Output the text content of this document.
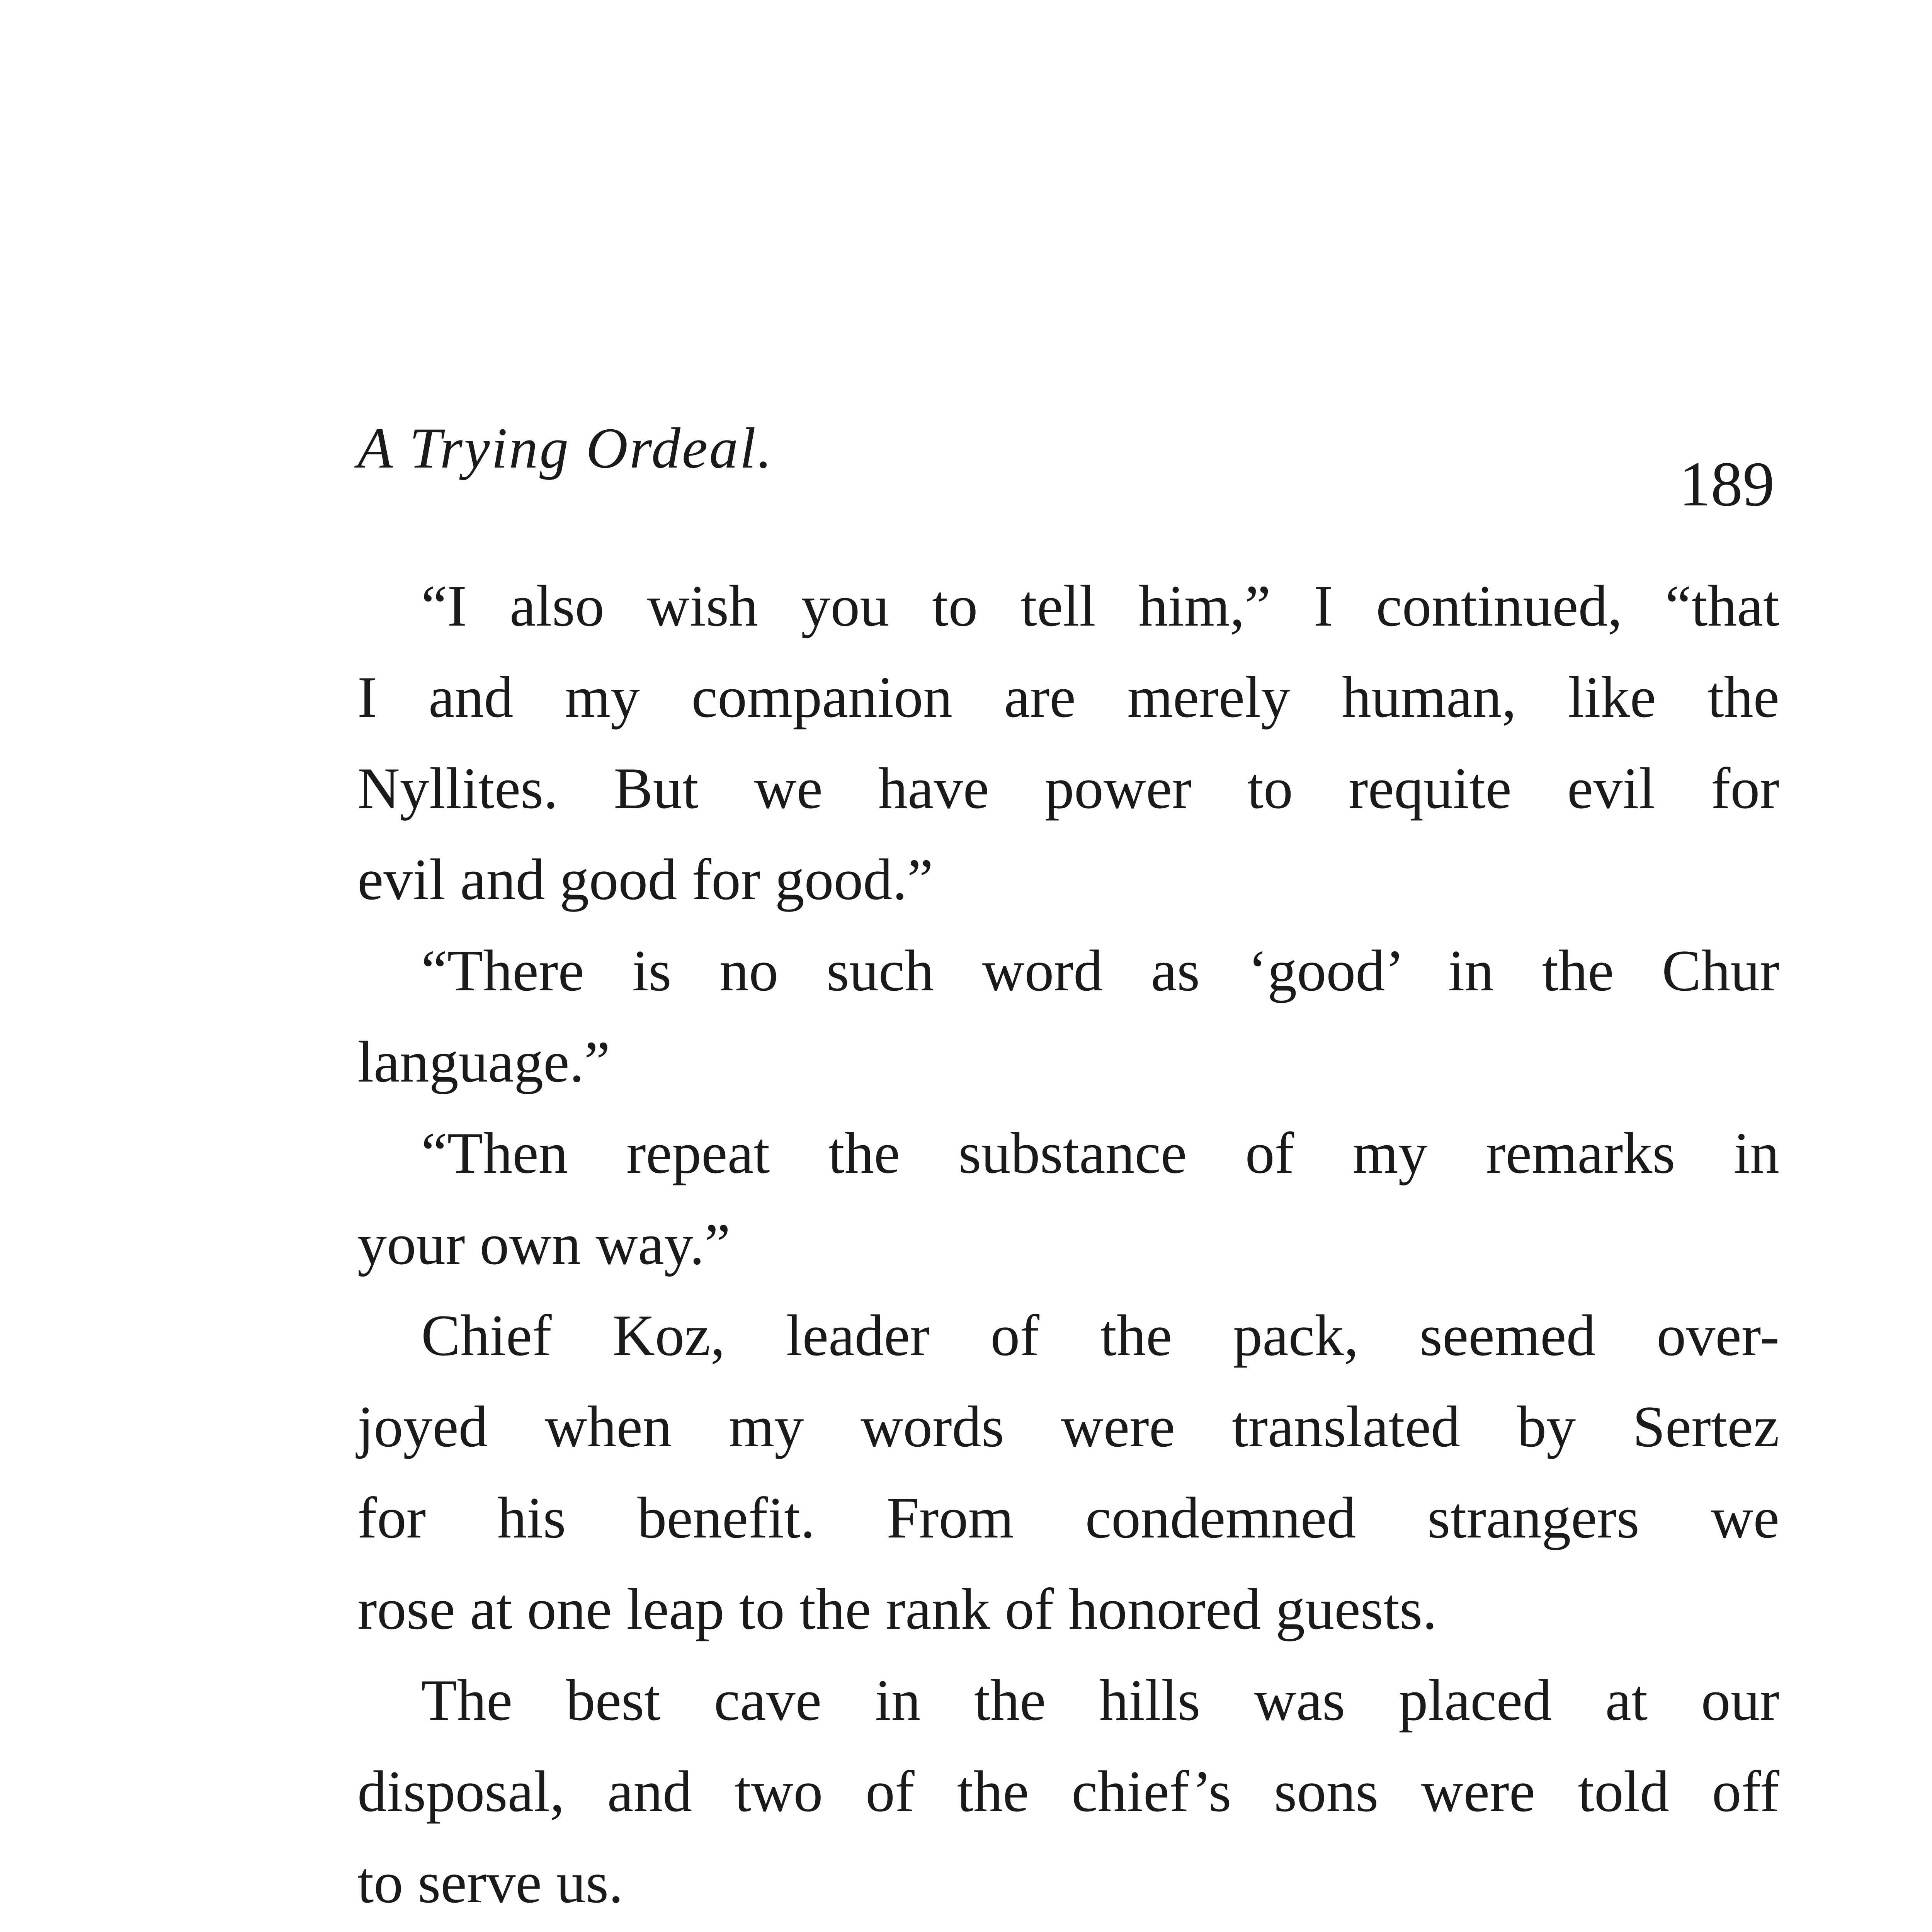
A Trying Ordeal.
189
“I also wish you to tell him,” I continued, “that
I and my companion are merely human, like the
Nyllites. But we have power to requite evil for
evil and good for good.”
“There is no such word as ‘good’ in the Chur
language.”
“Then repeat the substance of my remarks in
your own way.”
Chief Koz, leader of the pack, seemed over-
joyed when my words were translated by Sertez
for his benefit. From condemned strangers we
rose at one leap to the rank of honored guests.
The best cave in the hills was placed at our
disposal, and two of the chief’s sons were told off
to serve us.
